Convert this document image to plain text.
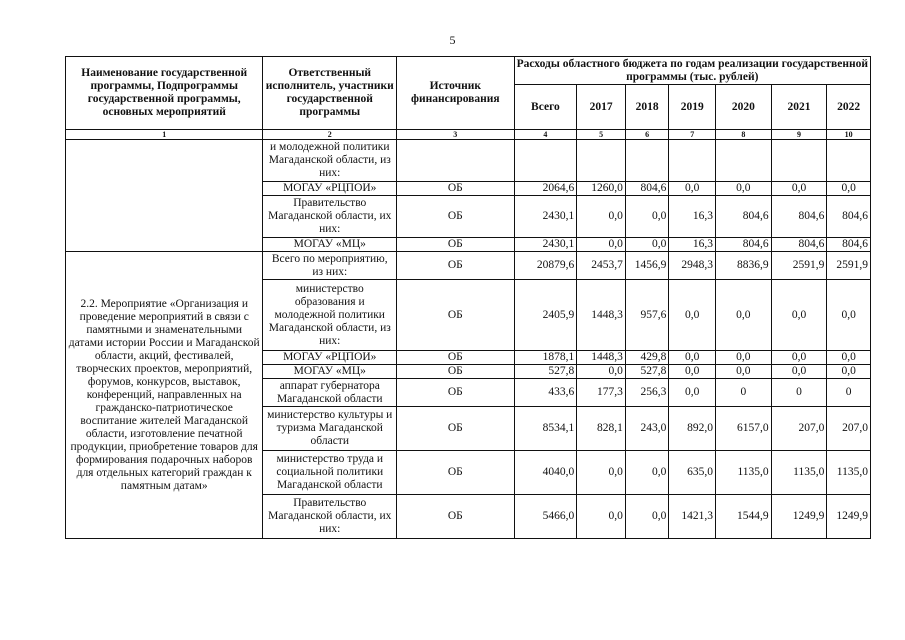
5
Наименование государственной программы, Подпрограммы государственной программы, основных мероприятий	Ответственный исполнитель, участники государственной программы	Источник финансирования	Расходы областного бюджета по годам реализации государственной программы (тыс. рублей)						
			Всего	2017	2018	2019	2020	2021	2022
1	2	3	4	5	6	7	8	9	10
	и молодежной политики Магаданской области, из них:								
	МОГАУ «РЦПОИ»	ОБ	2064,6	1260,0	804,6	0,0	0,0	0,0	0,0
	Правительство Магаданской области, их них:	ОБ	2430,1	0,0	0,0	16,3	804,6	804,6	804,6
	МОГАУ «МЦ»	ОБ	2430,1	0,0	0,0	16,3	804,6	804,6	804,6
2.2. Мероприятие «Организация и проведение мероприятий в связи с памятными и знаменательными датами истории России и Магаданской области, акций, фестивалей, творческих проектов, мероприятий, форумов, конкурсов, выставок, конференций, направленных на гражданско-патриотическое воспитание жителей Магаданской области, изготовление печатной продукции, приобретение товаров для формирования подарочных наборов для отдельных категорий граждан к памятным датам»	Всего по мероприятию, из них:	ОБ	20879,6	2453,7	1456,9	2948,3	8836,9	2591,9	2591,9
	министерство образования и молодежной политики Магаданской области, из них:	ОБ	2405,9	1448,3	957,6	0,0	0,0	0,0	0,0
	МОГАУ «РЦПОИ»	ОБ	1878,1	1448,3	429,8	0,0	0,0	0,0	0,0
	МОГАУ «МЦ»	ОБ	527,8	0,0	527,8	0,0	0,0	0,0	0,0
	аппарат губернатора Магаданской области	ОБ	433,6	177,3	256,3	0,0	0	0	0
	министерство культуры и туризма Магаданской области	ОБ	8534,1	828,1	243,0	892,0	6157,0	207,0	207,0
	министерство труда и социальной политики Магаданской области	ОБ	4040,0	0,0	0,0	635,0	1135,0	1135,0	1135,0
	Правительство Магаданской области, их них:	ОБ	5466,0	0,0	0,0	1421,3	1544,9	1249,9	1249,9
